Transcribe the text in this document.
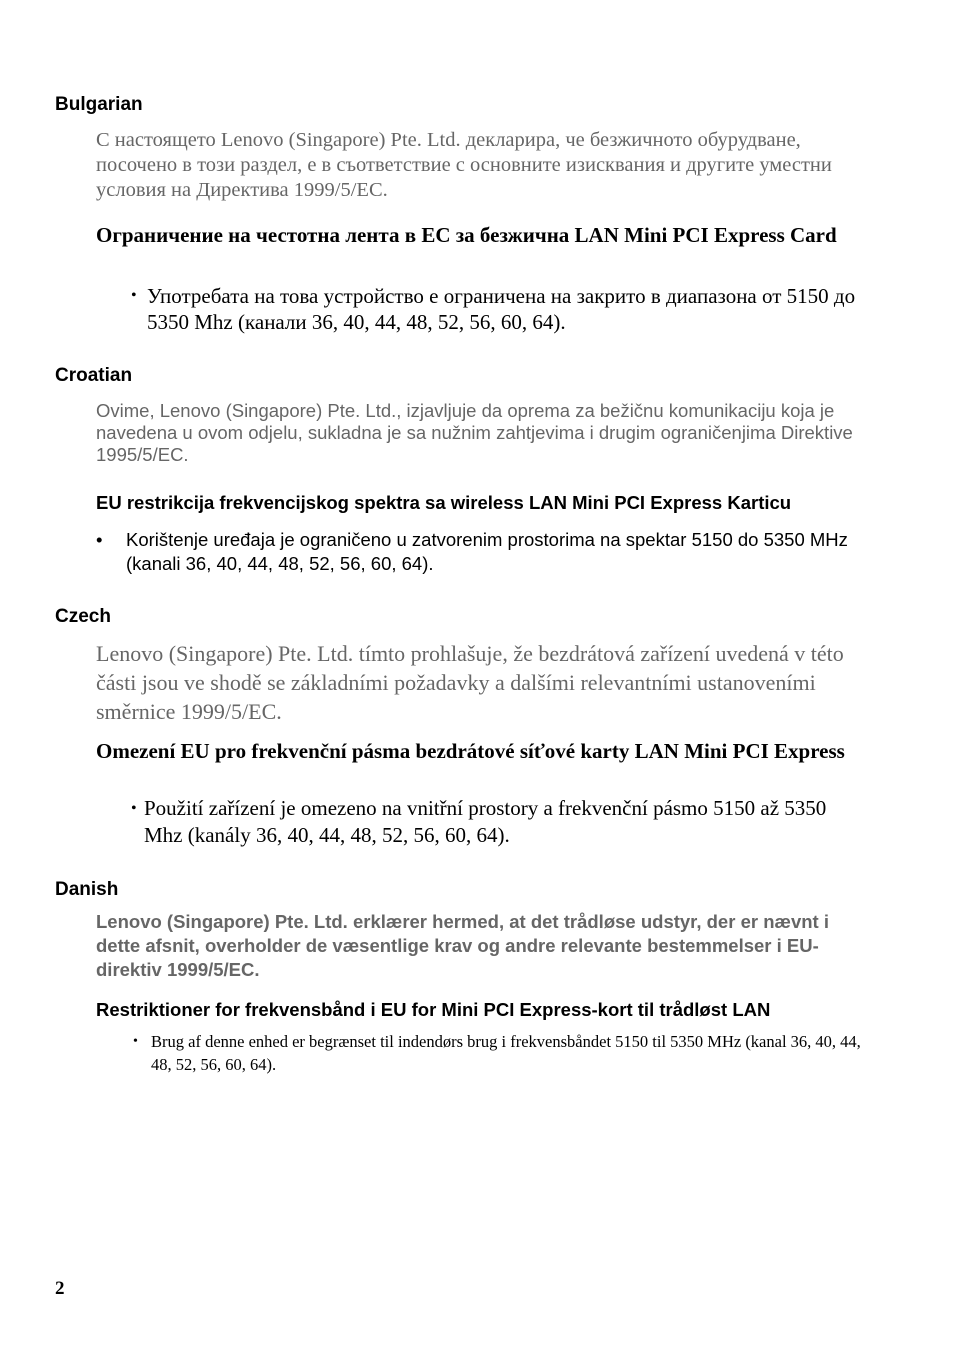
Bulgarian

С настоящето Lenovo (Singapore) Pte. Ltd. декларира, че безжичното обурудване, посочено в този раздел, е в съответствие с основните изисквания и другите уместни условия на Директива 1999/5/EC.

Ограничение на честотна лента в ЕС за безжична LAN Mini PCI Express Card
• Употребата на това устройство е ограничена на закрито в диапазона от 5150 до 5350 Mhz (канали 36, 40, 44, 48, 52, 56, 60, 64).
Croatian

Ovime, Lenovo (Singapore) Pte. Ltd., izjavljuje da oprema za bežičnu komunikaciju koja je navedena u ovom odjelu, sukladna je sa nužnim zahtjevima i drugim ograničenjima Direktive 1995/5/EC.

EU restrikcija frekvencijskog spektra sa wireless LAN Mini PCI Express Karticu
•	Korištenje uređaja je ograničeno u zatvorenim prostorima na spektar 5150 do 5350 MHz (kanali 36, 40, 44, 48, 52, 56, 60, 64).
Czech

Lenovo (Singapore) Pte. Ltd. tímto prohlašuje, že bezdrátová zařízení uvedená v této části jsou ve shodě se základními požadavky a dalšími relevantními ustanoveními směrnice 1999/5/EC.

Omezení EU pro frekvenční pásma bezdrátové síťové karty LAN Mini PCI Express
• Použití zařízení je omezeno na vnitřní prostory a frekvenční pásmo 5150 až 5350 Mhz (kanály 36, 40, 44, 48, 52, 56, 60, 64).
Danish

Lenovo (Singapore) Pte. Ltd. erklærer hermed, at det trådløse udstyr, der er nævnt i dette afsnit, overholder de væsentlige krav og andre relevante bestemmelser i EU-direktiv 1999/5/EC.

Restriktioner for frekvensbånd i EU for Mini PCI Express-kort til trådløst LAN
• Brug af denne enhed er begrænset til indendørs brug i frekvensbåndet 5150 til 5350 MHz (kanal 36, 40, 44, 48, 52, 56, 60, 64).
2
